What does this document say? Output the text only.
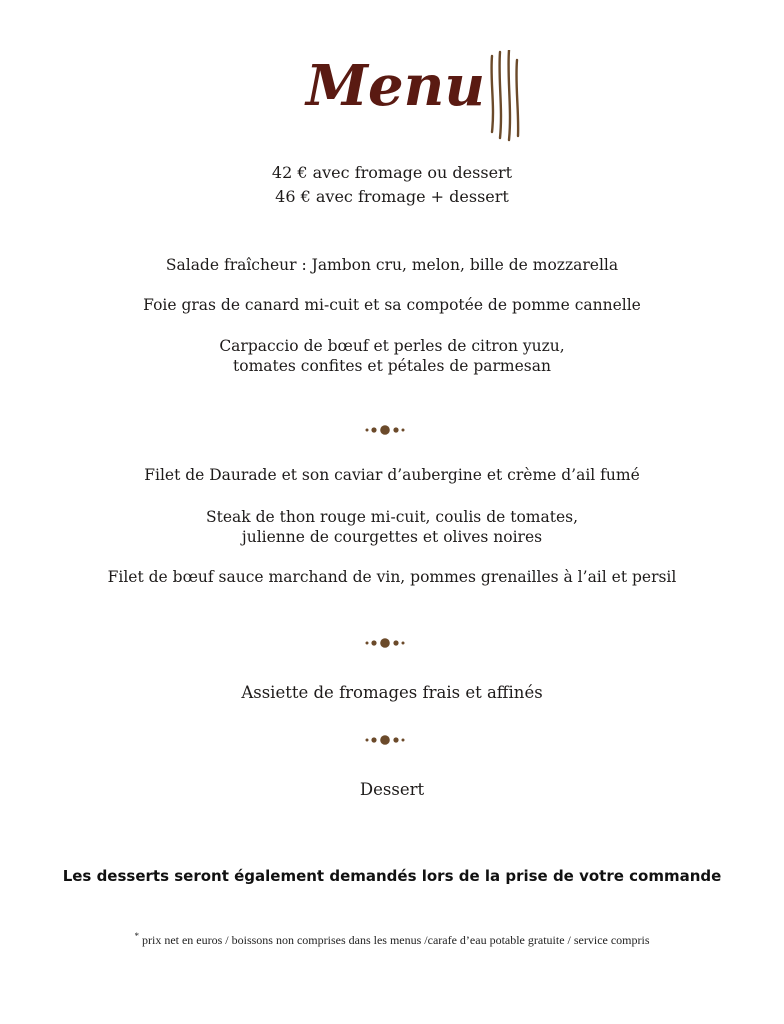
Menu
42 € avec fromage ou dessert
46 € avec fromage + dessert
Salade fraîcheur : Jambon cru, melon, bille de mozzarella
Foie gras de canard mi-cuit et sa compotée de pomme cannelle
Carpaccio de bœuf et perles de citron yuzu,
tomates confites et pétales de parmesan
Filet de Daurade et son caviar d’aubergine et crème d’ail fumé
Steak de thon rouge mi-cuit, coulis de tomates,
julienne de courgettes et olives noires
Filet de bœuf sauce marchand de vin, pommes grenailles à l’ail et persil
Assiette de fromages frais et affinés
Dessert
Les desserts seront également demandés lors de la prise de votre commande
* prix net en euros / boissons non comprises dans les menus /carafe d’eau potable gratuite / service compris
